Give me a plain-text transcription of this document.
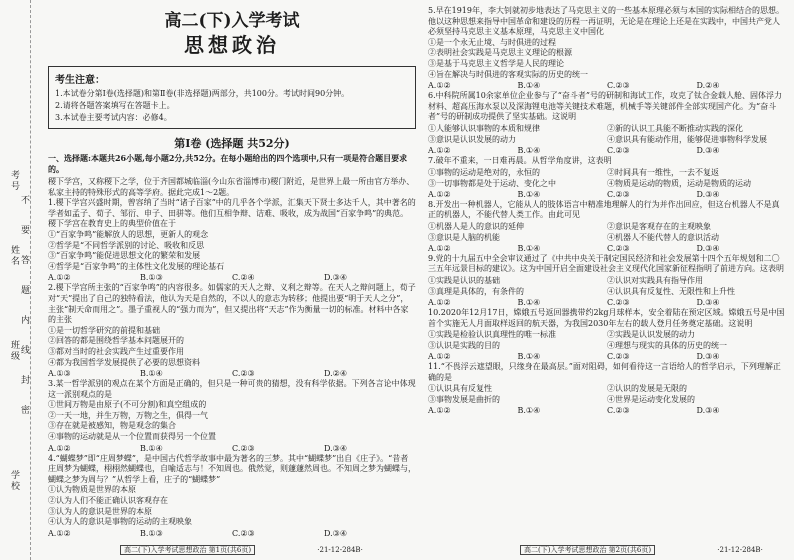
考号
姓名
班级
学校
不
要
答
题
内
线
封
密
高二(下)入学考试
思想政治
考生注意：
1.本试卷分第Ⅰ卷(选择题)和第Ⅱ卷(非选择题)两部分，共100分。考试时间90分钟。
2.请将各题答案填写在答题卡上。
3.本试卷主要考试内容：必修4。
第Ⅰ卷 (选择题 共52分)
一、选择题:本题共26小题,每小题2分,共52分。在每小题给出的四个选项中,只有一项是符合题目要求的。

稷下学宫，又称稷下之学，位于齐国都城临淄(今山东省淄博市)稷门附近，是世界上最一所由官方举办、私家主持的特殊形式的高等学府。据此完成1～2题。

1.稷下学宫兴盛时期，曾容纳了当时“诸子百家”中的几乎各个学派，汇集天下贤士多达千人，其中著名的学者如孟子、荀子、邹衍、申子、田骈等。他们互相争辩、诘难、吸收，成为战国“百家争鸣”的典范。稷下学宫在教育史上的典型价值在于

①“百家争鸣”能解放人的思想，更新人的观念

②哲学是“不同哲学派别的讨论、吸收和反思

③“百家争鸣”能促进思想文化的繁荣和发展

④哲学是“百家争鸣”的主体性文化发展的理论基石

A.①②	B.①③	C.②④	D.③④

2.稷下学宫所主张的“百家争鸣”的内容很多。如儒家的天人之辩、义利之辩等。在天人之辩问题上，荀子对“天”提出了自己的独特看法，他认为天是自然的，不以人的意志为转移；他提出要“明于天人之分”，主张“制天命而用之”。墨子重视人的“强力而为”，但又提出将“天志”作为衡量一切的标准。材料中各家的主张

①是一切哲学研究的前提和基础

②回答的都是围绕哲学基本问题展开的

③都对当时的社会实践产生过重要作用

④都为我国哲学发展提供了必要的思想资料

A.①③	B.①④	C.②③	D.②④

3.某一哲学派别的观点在某个方面是正确的，但只是一种可贵的猜想，没有科学依据。下列各言论中体现这一派别观点的是

①世间万物是由原子(不可分割)和真空组成的

②一天一地，并生万物，万物之生，俱得一气

③存在就是被感知，物是观念的集合

④事物的运动就是从一个位置而获得另一个位置

A.①②	B.①④	C.②③	D.③④

4.“蝴蝶梦”即“庄周梦蝶”，是中国古代哲学故事中最为著名的三梦。其中“蝴蝶梦”出自《庄子》。“昔者庄周梦为蝴蝶，栩栩然蝴蝶也，自喻适志与！不知周也。俄然觉，则蘧蘧然周也。不知周之梦为蝴蝶与，蝴蝶之梦为周与？”从哲学上看，庄子的“蝴蝶梦”

①认为物质是世界的本原

②认为人们不能正确认识客观存在

③认为人的意识是世界的本原

④认为人的意识是事物的运动的主观映象

A.①②	B.①③	C.②③	D.③④

5.早在1919年，李大钊就初步地表达了马克思主义的一些基本原理必须与本国的实际相结合的思想。他以这种思想来指导中国革命和建设的历程一再证明，无论是在理论上还是在实践中，中国共产党人必须坚持马克思主义基本原理，马克思主义中国化

①是一个永无止境、与时俱进的过程

②表明社会实践是马克思主义理论的根源

③是基于马克思主义哲学是人民的理论

④旨在解决与时俱进的客观实际的历史的统一

A.①②	B.①④	C.②③	D.②④

6.中科院所属10余家单位企业参与了“奋斗者”号的研制和海试工作，攻克了钛合金载人舱、固体浮力材料、超高压海水泵以及深海锂电池等关键技术难题，机械手等关键部件全部实现国产化。为“奋斗者”号的研制成功提供了坚实基础。这说明

①人能够认识事物的本质和规律	②新的认识工具能不断推动实践的深化
③意识是认识发展的动力	④意识具有能动作用，能够促进事物科学发展
A.①②	B.①④	C.②③	D.③④

7.破年不重来，一日难再晨。从哲学角度讲，这表明

①事物的运动是绝对的，永恒的	②时间具有一维性，一去不复返
③一切事物都是处于运动、变化之中	④物质是运动的物质，运动是物质的运动
A.①②	B.①④	C.②③	D.③④

8.开发出一种机器人，它能从人的肢体语言中精准地理解人的行为并作出回应，但这台机器人不是真正的机器人，不能代替人类工作。由此可见

①机器人是人的意识的延伸	②意识是客观存在的主观映象
③意识是人脑的机能	④机器人不能代替人的意识活动
A.①②	B.①④	C.②③	D.③④

9.党的十九届五中全会审议通过了《中共中央关于制定国民经济和社会发展第十四个五年规划和二〇三五年远景目标的建议》。这为中国开启全面建设社会主义现代化国家新征程指明了前进方向。这表明

①实践是认识的基础	②认识对实践具有指导作用
③真理是具体的，有条件的	④认识具有反复性、无限性和上升性
A.①②	B.①④	C.②③	D.③④

10.2020年12月17日，嫦娥五号返回器携带约2kg月球样本，安全着陆在预定区域。嫦娥五号是中国首个实施无人月面取样返回的航天器，为我国2030年左右的载人登月任务奠定基础。这说明

①实践是检验认识真理性的唯一标准	②实践是认识发展的动力
③认识是实践的目的	④理想与现实的具体的历史的统一
A.①②	B.①④	C.②③	D.③④

11.“不畏浮云遮望眼，只缘身在最高层。”面对阻碍，如何看待这一言语给人的哲学启示，下列理解正确的是

①认识具有反复性	②认识的发展是无限的
③事物发展是曲折的	④世界是运动变化发展的
A.①②	B.①④	C.②③	D.③④
高二(下)入学考试思想政治 第1页(共6页)	·21-12-284B·	高二(下)入学考试思想政治 第2页(共6页)	·21-12-284B·
